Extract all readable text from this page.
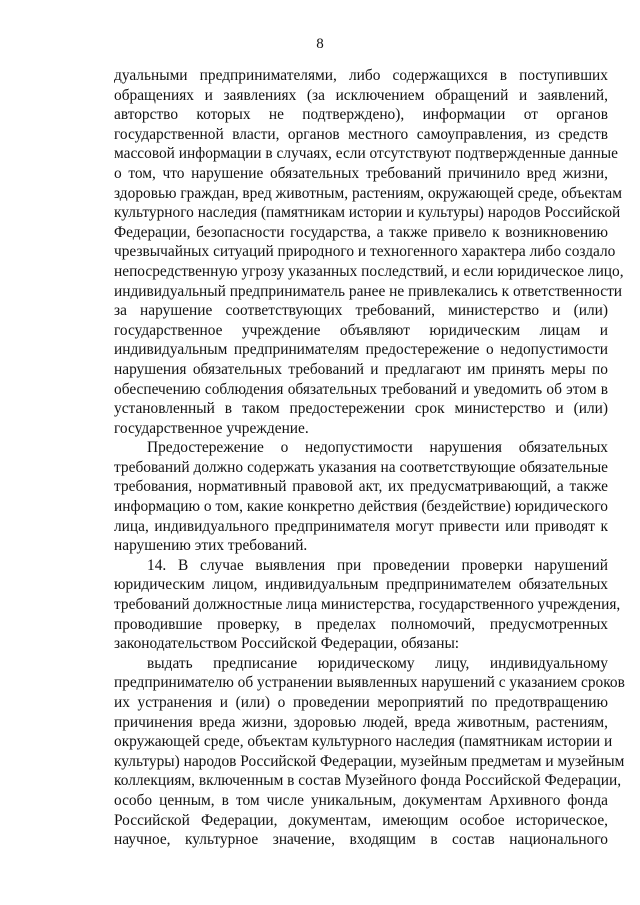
8
дуальными предпринимателями, либо содержащихся в поступивших
обращениях и заявлениях (за исключением обращений и заявлений,
авторство которых не подтверждено), информации от органов
государственной власти, органов местного самоуправления, из средств
массовой информации в случаях, если отсутствуют подтвержденные данные
о том, что нарушение обязательных требований причинило вред жизни,
здоровью граждан, вред животным, растениям, окружающей среде, объектам
культурного наследия (памятникам истории и культуры) народов Российской
Федерации, безопасности государства, а также привело к возникновению
чрезвычайных ситуаций природного и техногенного характера либо создало
непосредственную угрозу указанных последствий, и если юридическое лицо,
индивидуальный предприниматель ранее не привлекались к ответственности
за нарушение соответствующих требований, министерство и (или)
государственное учреждение объявляют юридическим лицам и
индивидуальным предпринимателям предостережение о недопустимости
нарушения обязательных требований и предлагают им принять меры по
обеспечению соблюдения обязательных требований и уведомить об этом в
установленный в таком предостережении срок министерство и (или)
государственное учреждение.
Предостережение о недопустимости нарушения обязательных
требований должно содержать указания на соответствующие обязательные
требования, нормативный правовой акт, их предусматривающий, а также
информацию о том, какие конкретно действия (бездействие) юридического
лица, индивидуального предпринимателя могут привести или приводят к
нарушению этих требований.
14. В случае выявления при проведении проверки нарушений
юридическим лицом, индивидуальным предпринимателем обязательных
требований должностные лица министерства, государственного учреждения,
проводившие проверку, в пределах полномочий, предусмотренных
законодательством Российской Федерации, обязаны:
выдать предписание юридическому лицу, индивидуальному
предпринимателю об устранении выявленных нарушений с указанием сроков
их устранения и (или) о проведении мероприятий по предотвращению
причинения вреда жизни, здоровью людей, вреда животным, растениям,
окружающей среде, объектам культурного наследия (памятникам истории и
культуры) народов Российской Федерации, музейным предметам и музейным
коллекциям, включенным в состав Музейного фонда Российской Федерации,
особо ценным, в том числе уникальным, документам Архивного фонда
Российской Федерации, документам, имеющим особое историческое,
научное, культурное значение, входящим в состав национального
